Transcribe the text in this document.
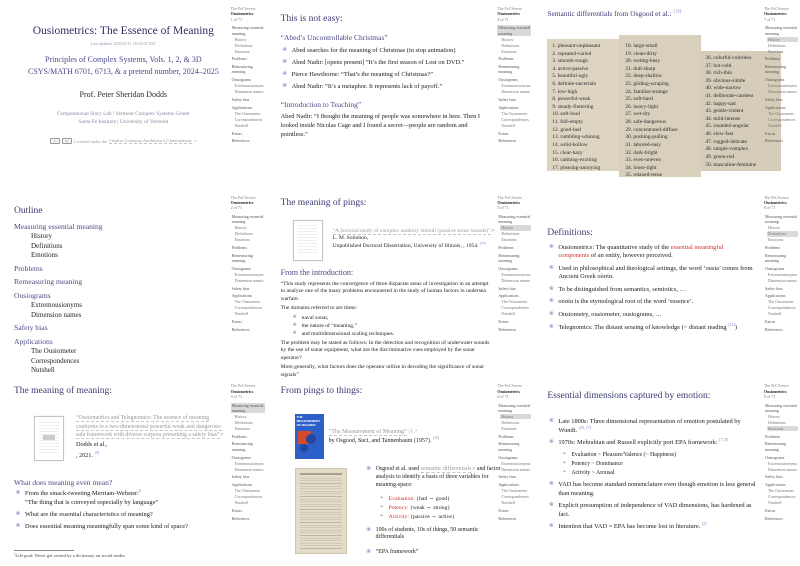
Ousiometrics: The Essence of Meaning
Last updated: 2025/01/11, 09:03:47 EST
Principles of Complex Systems, Vols. 1, 2, & 3D
CSYS/MATH 6701, 6713, & a pretend number, 2024–2025
Prof. Peter Sheridan Dodds
Computational Story Lab | Vermont Complex Systems Center
Santa Fe Institute | University of Vermont
cc	by	Licensed under the Creative Commons Attribution 4.0 International ↗
The PoCSverse
Ousiometrics
1 of 71
Measuring essential meaning
History
Definitions
Emotions
Problems
Remeasuring meaning
Ousiograms
Extremousionyms
Dimension names
Safety bias
Applications
The Ousiometer
Correspondences
Nutshell
Extras
References
This is not easy:
“Abed’s Uncontrollable Christmas”
❀ Abed searches for the meaning of Christmas (in stop animation)
❀ Abed Nadir: [opens present] “It’s the first season of Lost on DVD.”
❀ Pierce Hawthorne: “That’s the meaning of Christmas?”
❀ Abed Nadir: “It’s a metaphor. It represents lack of payoff.”
“Introduction to Teaching”
Abed Nadir: “I thought the meaning of people was somewhere in here. Then I looked inside Nicolas Cage and I found a secret—people are random and pointless.”
The PoCSverse
Ousiometrics
4 of 71
Measuring essential meaning
History
Definitions
Emotions
Problems
Remeasuring meaning
Ousiograms
Extremousionyms
Dimension names
Safety bias
Applications
The Ousiometer
Correspondences
Nutshell
Extras
References
Semantic differentials from Osgood et al.: [13]
1. pleasant-unpleasant
2. repeated-varied
3. smooth-rough
4. active-passive
5. beautiful-ugly
6. definite-uncertain
7. low-high
8. powerful-weak
9. steady-fluttering
10. soft-loud
11. full-empty
12. good-bad
13. rumbling-whining
14. solid-hollow
15. clear-hazy
16. calming-exciting
17. pleasing-annoying
18. large-small
19. clean-dirty
20. resting-busy
21. dull-sharp
22. deep-shallow
23. gliding-scraping
24. familiar-strange
25. soft-hard
26. heavy-light
27. wet-dry
28. safe-dangerous
29. concentrated-diffuse
30. pushing-pulling
31. labored-easy
32. dark-bright
33. even-uneven
34. loose-tight
35. relaxed-tense
36. colorful-colorless
37. hot-cold
38. rich-thin
39. obvious-subtle
40. wide-narrow
41. deliberate-careless
42. happy-sad
43. gentle-violent
44. mild-intense
45. rounded-angular
46. slow-fast
47. rugged-delicate
48. simple-complex
49. green-red
50. masculine-feminine
The PoCSverse
Ousiometrics
7 of 71
Measuring essential meaning
History
Definitions
Emotions
Problems
Remeasuring meaning
Ousiograms
Extremousionyms
Dimension names
Safety bias
Applications
The Ousiometer
Correspondences
Nutshell
Extras
References
Outline
Measuring essential meaning
History
Definitions
Emotions
Problems
Remeasuring meaning
Ousiograms
Extremousionyms
Dimension names
Safety bias
Applications
The Ousiometer
Correspondences
Nutshell
The PoCSverse
Ousiometrics
2 of 71
Measuring essential meaning
History
Definitions
Emotions
Problems
Remeasuring meaning
Ousiograms
Extremousionyms
Dimension names
Safety bias
Applications
The Ousiometer
Correspondences
Nutshell
Extras
References
The meaning of pings:
“A factorial study of complex auditory stimuli (passive sonar sounds)”↗
L. M. Solomon,
Unpublished Doctoral Dissertation, University of Illinois, , 1954. [32]
From the introduction:
“This study represents the convergence of three disparate areas of investigation in an attempt to analyze one of the many problems encountered in the study of human factors in undersea warfare.
The domains referred to are these:
❀ naval sonar,
❀ the nature of “meaning,”
❀ and multidimensional scaling techniques.
The problem may be stated as follows: In the detection and recognition of underwater sounds by the use of sonar equipment, what are the discriminative cues employed by the sonar operator?
More generally, what factors does the operator utilize in decoding the significance of sonar signals”
The PoCSverse
Ousiometrics
5 of 71
Measuring essential meaning
History
Definitions
Emotions
Problems
Remeasuring meaning
Ousiograms
Extremousionyms
Dimension names
Safety bias
Applications
The Ousiometer
Correspondences
Nutshell
Extras
References
Definitions:
❀ Ousiometrics: The quantitative study of the essential meaningful components of an entity, however perceived.
❀ Used in philosophical and theological settings, the word ‘ousia’ comes from Ancient Greek οὐσία.
❀ To be distinguished from semantics, semiotics, …
❀ οὐσία is the etymological root of the word ‘essence’.
❀ Ousiometry, ousiometer, ousiograms, …
❀ Telegnomics: The distant sensing of knowledge (~ distant reading [12])
The PoCSverse
Ousiometrics
8 of 71
Measuring essential meaning
History
Definitions
Emotions
Problems
Remeasuring meaning
Ousiograms
Extremousionyms
Dimension names
Safety bias
Applications
The Ousiometer
Correspondences
Nutshell
Extras
References
The meaning of meaning:
“Ousiometrics and Telegnomics: The essence of meaning conforms to a two-dimensional powerful-weak and dangerous-safe framework with diverse corpora presenting a safety bias”↗
Dodds et al.,
, 2021. [5]
What does meaning even mean?
❀ From the smack-tweeting Merriam-Webster:$^1$
“The thing that is conveyed especially by language”
❀ What are the essential characteristics of meaning?
❀ Does essential meaning meaningfully span some kind of space?
$^1$Life goal: Never get owned by a dictionary on social media.
The PoCSverse
Ousiometrics
3 of 71
Measuring essential meaning
History
Definitions
Emotions
Problems
Remeasuring meaning
Ousiograms
Extremousionyms
Dimension names
Safety bias
Applications
The Ousiometer
Correspondences
Nutshell
Extras
References
From pings to things:
THE MEASUREMENT OF MEANING
“The Measurement of Meaning” ⓐ↗
by Osgood, Suci, and Tannenbaum (1957). [13]
❀ Osgood et al. used semantic differentials↗ and factor analysis to identify a basis of three variables for meaning-space:
❧ Evaluation: {bad ⇔ good}
❧ Potency: {weak ⇔ strong}
❧ Activity: {passive ⇔ active}
❀ 100s of students, 10s of things, 50 semantic differentials
❀ “EPA framework”
The PoCSverse
Ousiometrics
6 of 71
Measuring essential meaning
History
Definitions
Emotions
Problems
Remeasuring meaning
Ousiograms
Extremousionyms
Dimension names
Safety bias
Applications
The Ousiometer
Correspondences
Nutshell
Extras
References
Essential dimensions captured by emotion:
❀ Late 1800s: Three dimensional representation of emotion postulated by Wundt. [25, 17]
❀ 1970s: Mehrabian and Russell explicitly port EPA framework: [7, 8]
❧ Evaluation ~ Pleasure/Valence (~ Happiness)
❧ Potency ~ Dominance
❧ Activity ~ Arousal
❀ VAD has become standard nomenclature even though emotion is less general than meaning.
❀ Explicit presumption of independence of VAD dimensions, has hardened as fact.
❀ Intention that VAD = EPA has become lost in literature. [2]
The PoCSverse
Ousiometrics
9 of 71
Measuring essential meaning
History
Definitions
Emotions
Problems
Remeasuring meaning
Ousiograms
Extremousionyms
Dimension names
Safety bias
Applications
The Ousiometer
Correspondences
Nutshell
Extras
References
